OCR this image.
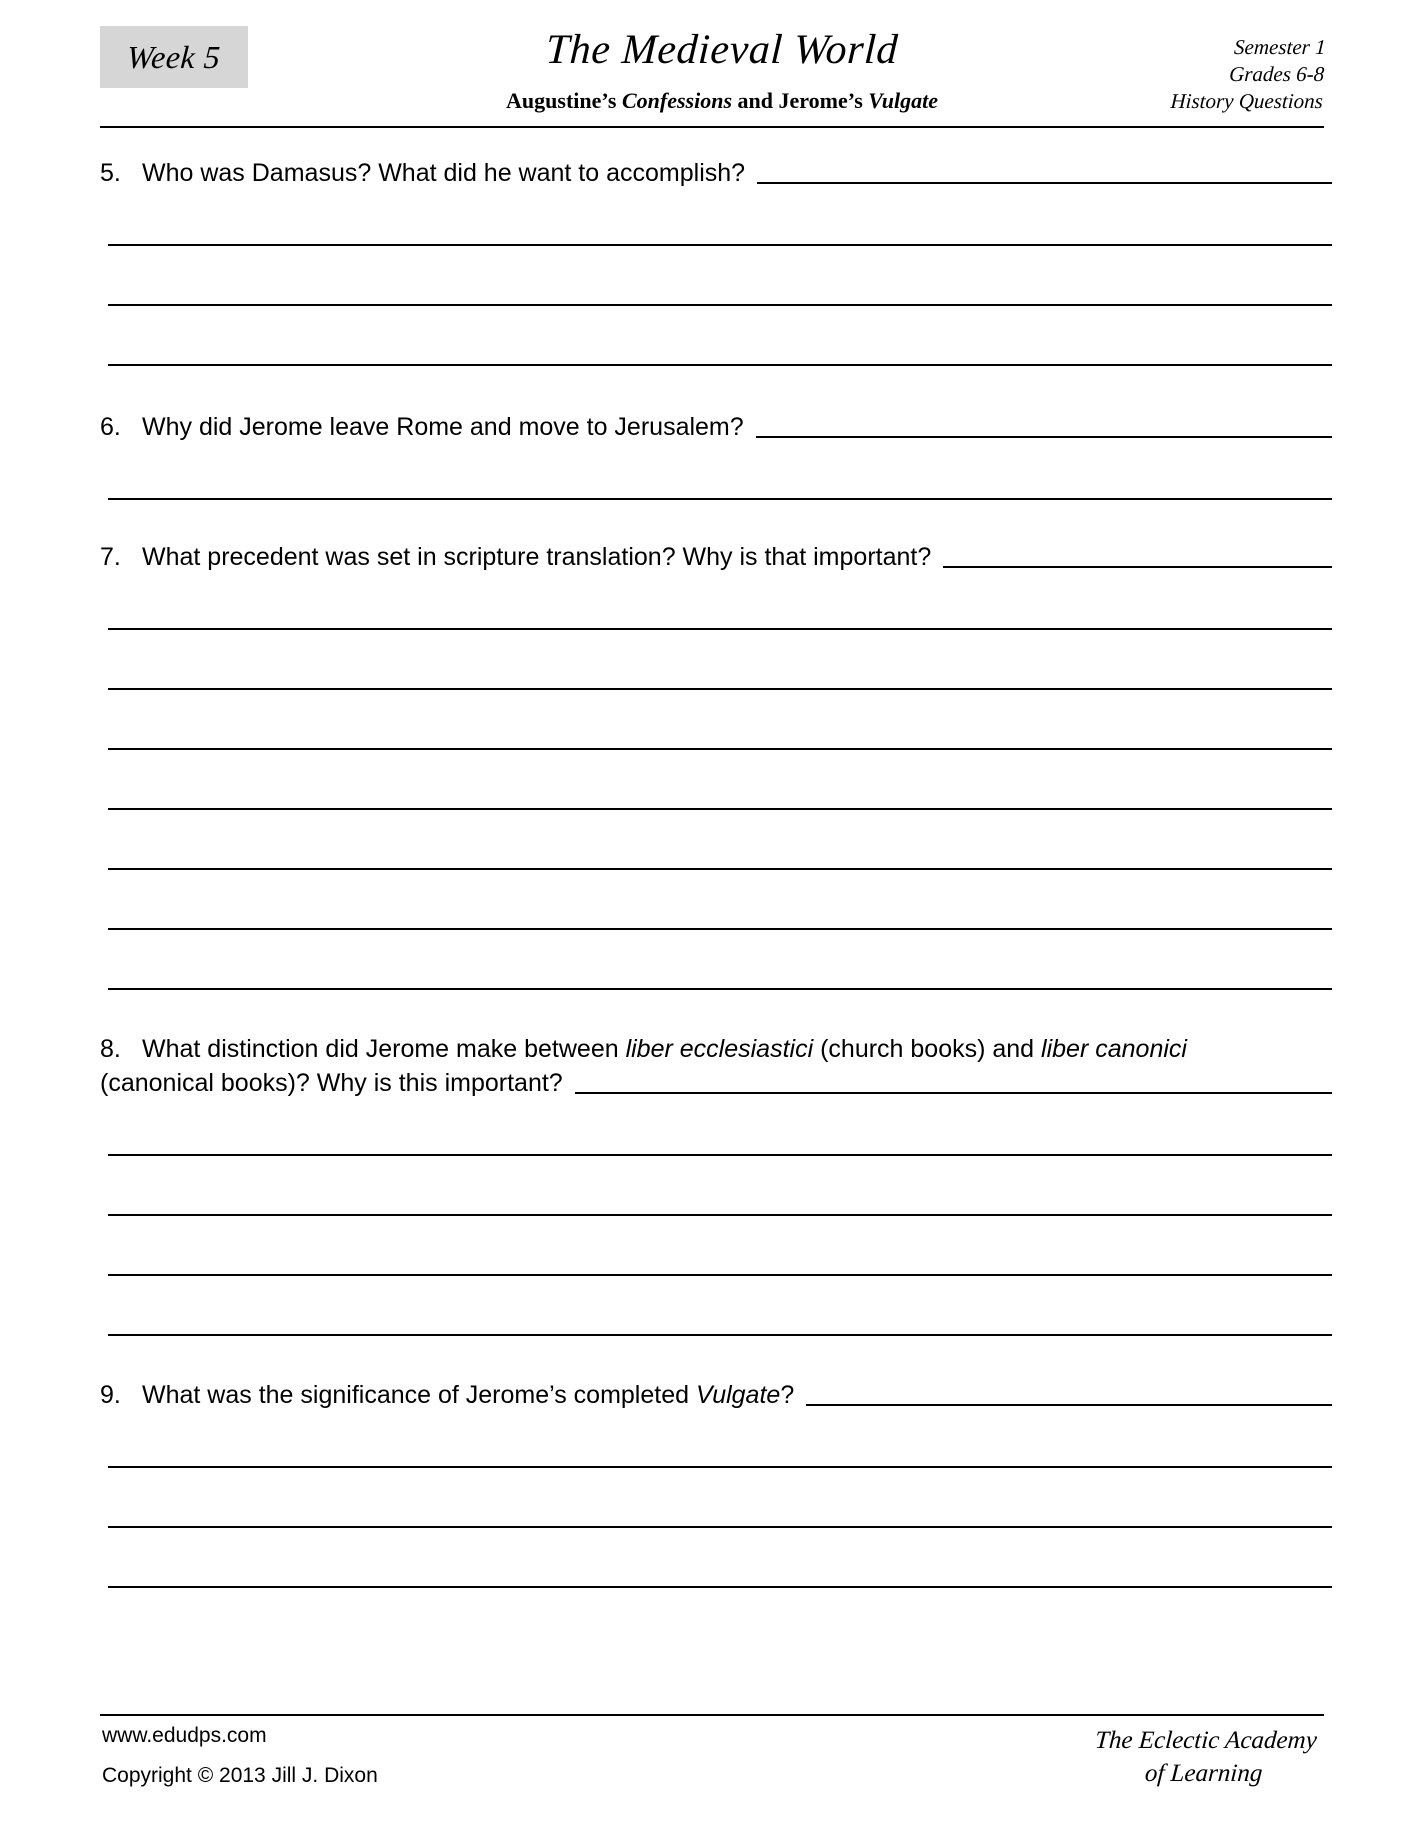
Week 5	The Medieval World
Augustine’s Confessions and Jerome’s Vulgate
Semester 1
Grades 6-8
History Questions
5. Who was Damasus? What did he want to accomplish?
6. Why did Jerome leave Rome and move to Jerusalem?
7. What precedent was set in scripture translation? Why is that important?
8. What distinction did Jerome make between liber ecclesiastici (church books) and liber canonici
(canonical books)? Why is this important?
9. What was the significance of Jerome’s completed Vulgate?
www.edudps.com
Copyright © 2013 Jill J. Dixon
The Eclectic Academy
of Learning
